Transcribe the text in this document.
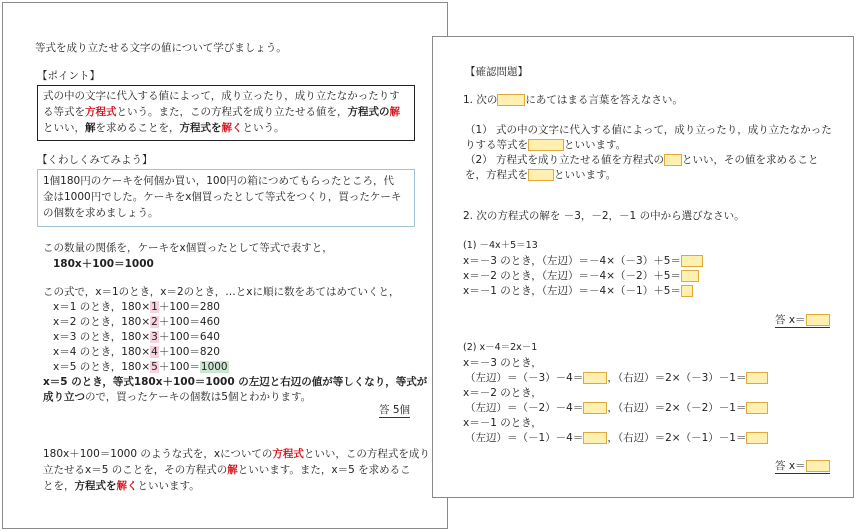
等式を成り立たせる文字の値について学びましょう。
【ポイント】
式の中の文字に代入する値によって，成り立ったり，成り立たなかったりす
る等式を方程式という。また，この方程式を成り立たせる値を，方程式の解
といい，解を求めることを，方程式を解くという。
【くわしくみてみよう】
1個180円のケーキを何個か買い，100円の箱につめてもらったところ，代
金は1000円でした。ケーキをx個買ったとして等式をつくり，買ったケーキ
の個数を求めましょう。
この数量の関係を，ケーキをx個買ったとして等式で表すと，
180x＋100＝1000
この式で，x＝1のとき，x＝2のとき，…とxに順に数をあてはめていくと，
x＝1 のとき，180×1＋100＝280
x＝2 のとき，180×2＋100＝460
x＝3 のとき，180×3＋100＝640
x＝4 のとき，180×4＋100＝820
x＝5 のとき，180×5＋100＝1000
x＝5 のとき，等式180x＋100＝1000 の左辺と右辺の値が等しくなり，等式が
成り立つので，買ったケーキの個数は5個とわかります。
答 5個
180x＋100＝1000 のような式を，xについての方程式といい，この方程式を成り
立たせるx＝5 のことを，その方程式の解といいます。また，x＝5 を求めるこ
とを，方程式を解くといいます。
【確認問題】
1. 次の	にあてはまる言葉を答えなさい。
（1） 式の中の文字に代入する値によって，成り立ったり，成り立たなかった
りする等式を	といいます。
（2） 方程式を成り立たせる値を方程式の といい，その値を求めること
を，方程式を といいます。
2. 次の方程式の解を －3，－2，－1 の中から選びなさい。
(1) －4x＋5＝13
x＝－3 のとき，（左辺）＝－4×（－3）＋5＝
x＝－2 のとき，（左辺）＝－4×（－2）＋5＝
x＝－1 のとき，（左辺）＝－4×（－1）＋5＝
答 x＝
(2) x－4＝2x－1
x＝－3 のとき，
（左辺）＝（－3）－4＝ ，（右辺）＝2×（－3）－1＝
x＝－2 のとき，
（左辺）＝（－2）－4＝ ，（右辺）＝2×（－2）－1＝
x＝－1 のとき，
（左辺）＝（－1）－4＝ ，（右辺）＝2×（－1）－1＝
答 x＝
